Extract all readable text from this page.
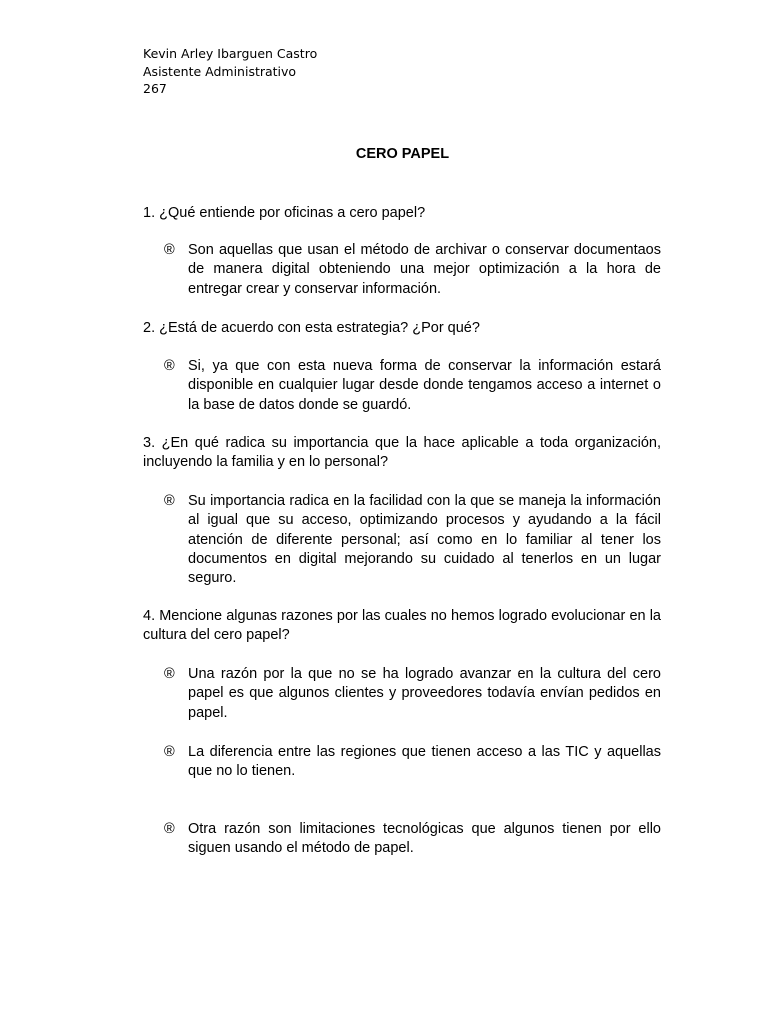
Kevin Arley Ibarguen Castro
Asistente Administrativo
267
CERO PAPEL
1. ¿Qué entiende por oficinas a cero papel?
® Son aquellas que usan el método de archivar o conservar documentaos de manera digital obteniendo una mejor optimización a la hora de entregar crear y conservar información.
2. ¿Está de acuerdo con esta estrategia? ¿Por qué?
® Si, ya que con esta nueva forma de conservar la información estará disponible en cualquier lugar desde donde tengamos acceso a internet o la base de datos donde se guardó.
3. ¿En qué radica su importancia que la hace aplicable a toda organización, incluyendo la familia y en lo personal?
® Su importancia radica en la facilidad con la que se maneja la información al igual que su acceso, optimizando procesos y ayudando a la fácil atención de diferente personal; así como en lo familiar al tener los documentos en digital mejorando su cuidado al tenerlos en un lugar seguro.
4. Mencione algunas razones por las cuales no hemos logrado evolucionar en la cultura del cero papel?
® Una razón por la que no se ha logrado avanzar en la cultura del cero papel es que algunos clientes y proveedores todavía envían pedidos en papel.
® La diferencia entre las regiones que tienen acceso a las TIC y aquellas que no lo tienen.
® Otra razón son limitaciones tecnológicas que algunos tienen por ello siguen usando el método de papel.
